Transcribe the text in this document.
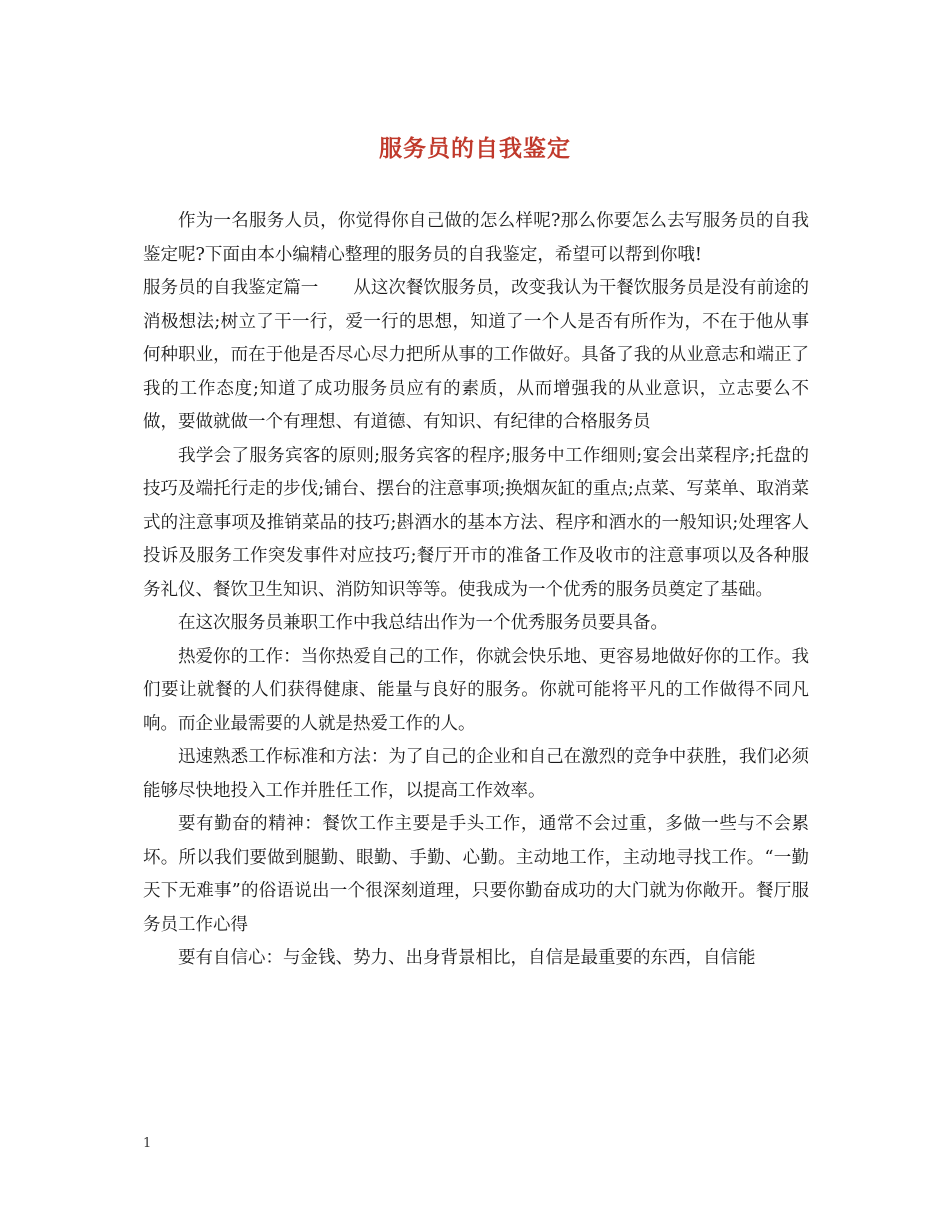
服务员的自我鉴定

作为一名服务人员，你觉得你自己做的怎么样呢?那么你要怎么去写服务员的自我鉴定呢?下面由本小编精心整理的服务员的自我鉴定，希望可以帮到你哦!

服务员的自我鉴定篇一　　从这次餐饮服务员，改变我认为干餐饮服务员是没有前途的消极想法;树立了干一行，爱一行的思想，知道了一个人是否有所作为，不在于他从事何种职业，而在于他是否尽心尽力把所从事的工作做好。具备了我的从业意志和端正了我的工作态度;知道了成功服务员应有的素质，从而增强我的从业意识，立志要么不做，要做就做一个有理想、有道德、有知识、有纪律的合格服务员

我学会了服务宾客的原则;服务宾客的程序;服务中工作细则;宴会出菜程序;托盘的技巧及端托行走的步伐;铺台、摆台的注意事项;换烟灰缸的重点;点菜、写菜单、取消菜式的注意事项及推销菜品的技巧;斟酒水的基本方法、程序和酒水的一般知识;处理客人投诉及服务工作突发事件对应技巧;餐厅开市的准备工作及收市的注意事项以及各种服务礼仪、餐饮卫生知识、消防知识等等。使我成为一个优秀的服务员奠定了基础。

在这次服务员兼职工作中我总结出作为一个优秀服务员要具备。

热爱你的工作：当你热爱自己的工作，你就会快乐地、更容易地做好你的工作。我们要让就餐的人们获得健康、能量与良好的服务。你就可能将平凡的工作做得不同凡响。而企业最需要的人就是热爱工作的人。

迅速熟悉工作标准和方法：为了自己的企业和自己在激烈的竞争中获胜，我们必须能够尽快地投入工作并胜任工作，以提高工作效率。

要有勤奋的精神：餐饮工作主要是手头工作，通常不会过重，多做一些与不会累坏。所以我们要做到腿勤、眼勤、手勤、心勤。主动地工作，主动地寻找工作。“一勤天下无难事”的俗语说出一个很深刻道理，只要你勤奋成功的大门就为你敞开。餐厅服务员工作心得

要有自信心：与金钱、势力、出身背景相比，自信是最重要的东西，自信能

1
